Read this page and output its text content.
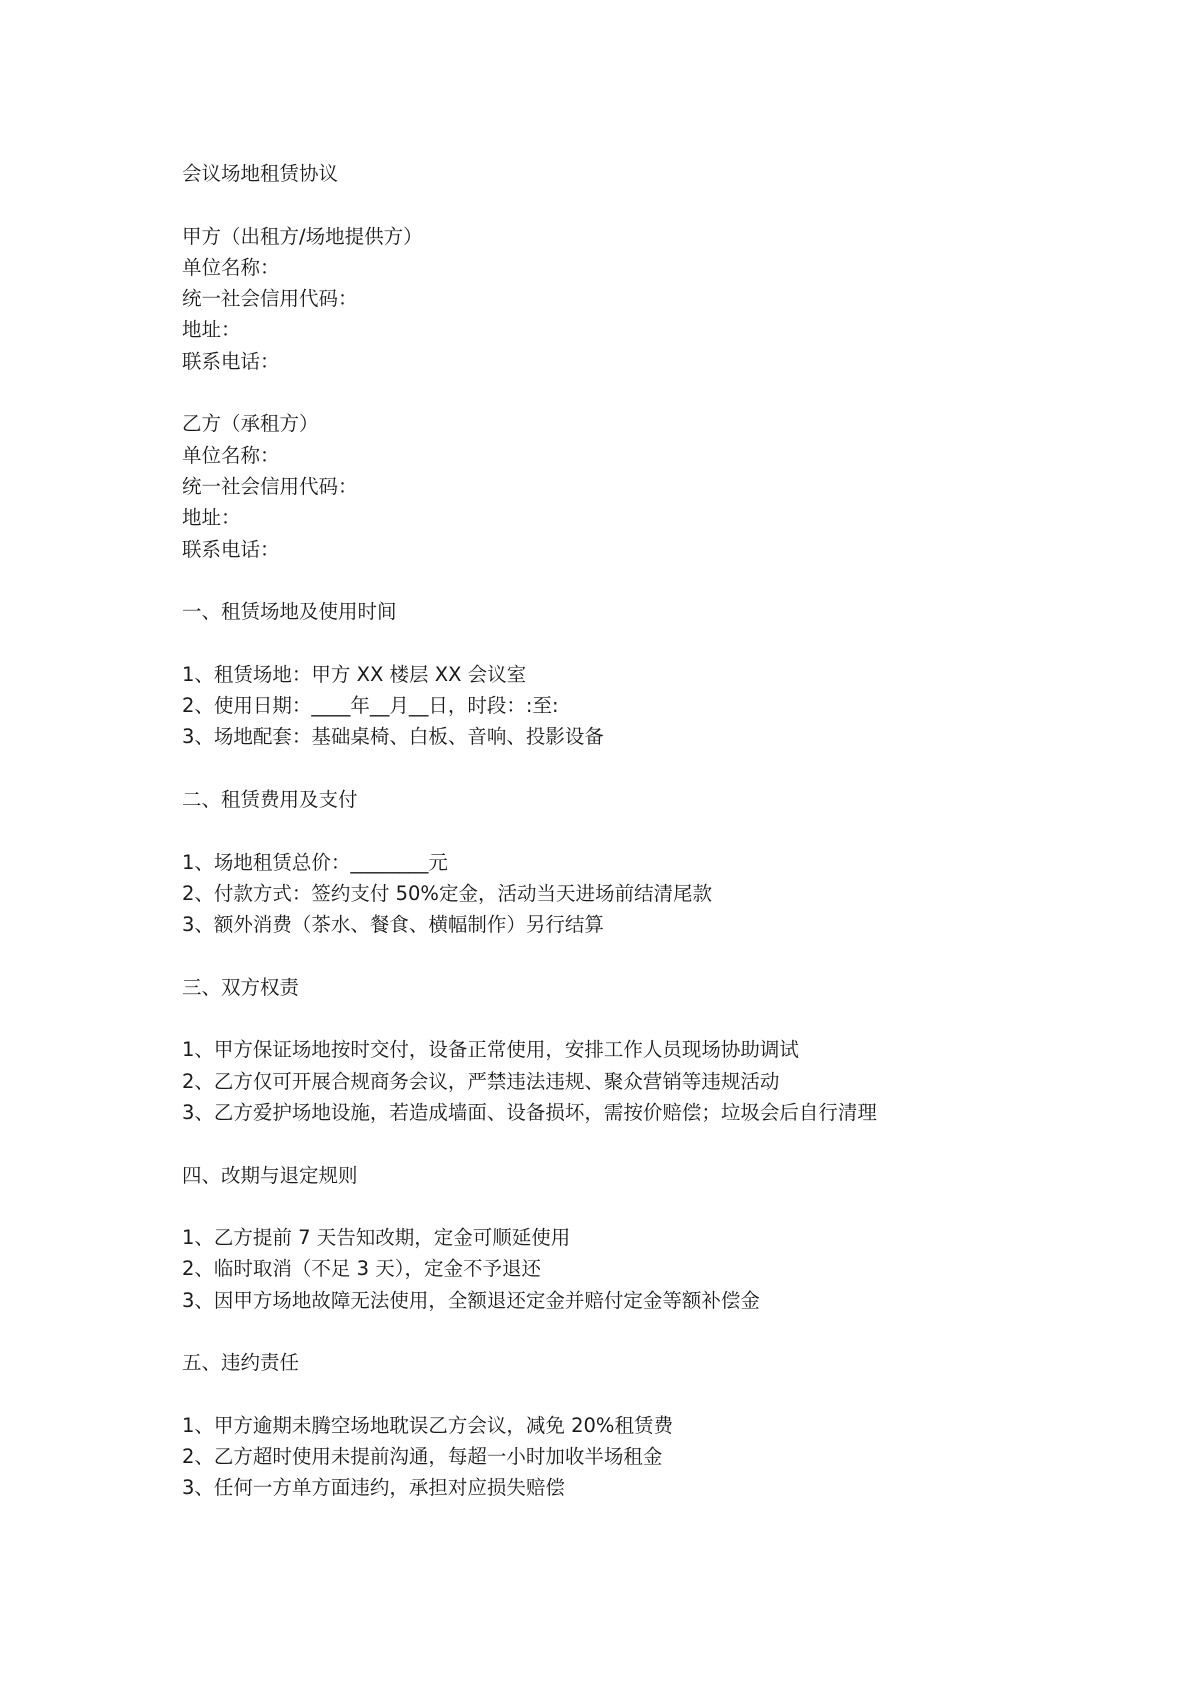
会议场地租赁协议
甲方（出租方/场地提供方）
单位名称：
统一社会信用代码：
地址：
联系电话：
乙方（承租方）
单位名称：
统一社会信用代码：
地址：
联系电话：
一、租赁场地及使用时间
1、租赁场地：甲方 XX 楼层 XX 会议室
2、使用日期：____年__月__日，时段：:至:
3、场地配套：基础桌椅、白板、音响、投影设备
二、租赁费用及支付
1、场地租赁总价：________元
2、付款方式：签约支付 50%定金，活动当天进场前结清尾款
3、额外消费（茶水、餐食、横幅制作）另行结算
三、双方权责
1、甲方保证场地按时交付，设备正常使用，安排工作人员现场协助调试
2、乙方仅可开展合规商务会议，严禁违法违规、聚众营销等违规活动
3、乙方爱护场地设施，若造成墙面、设备损坏，需按价赔偿；垃圾会后自行清理
四、改期与退定规则
1、乙方提前 7 天告知改期，定金可顺延使用
2、临时取消（不足 3 天），定金不予退还
3、因甲方场地故障无法使用，全额退还定金并赔付定金等额补偿金
五、违约责任
1、甲方逾期未腾空场地耽误乙方会议，减免 20%租赁费
2、乙方超时使用未提前沟通，每超一小时加收半场租金
3、任何一方单方面违约，承担对应损失赔偿
